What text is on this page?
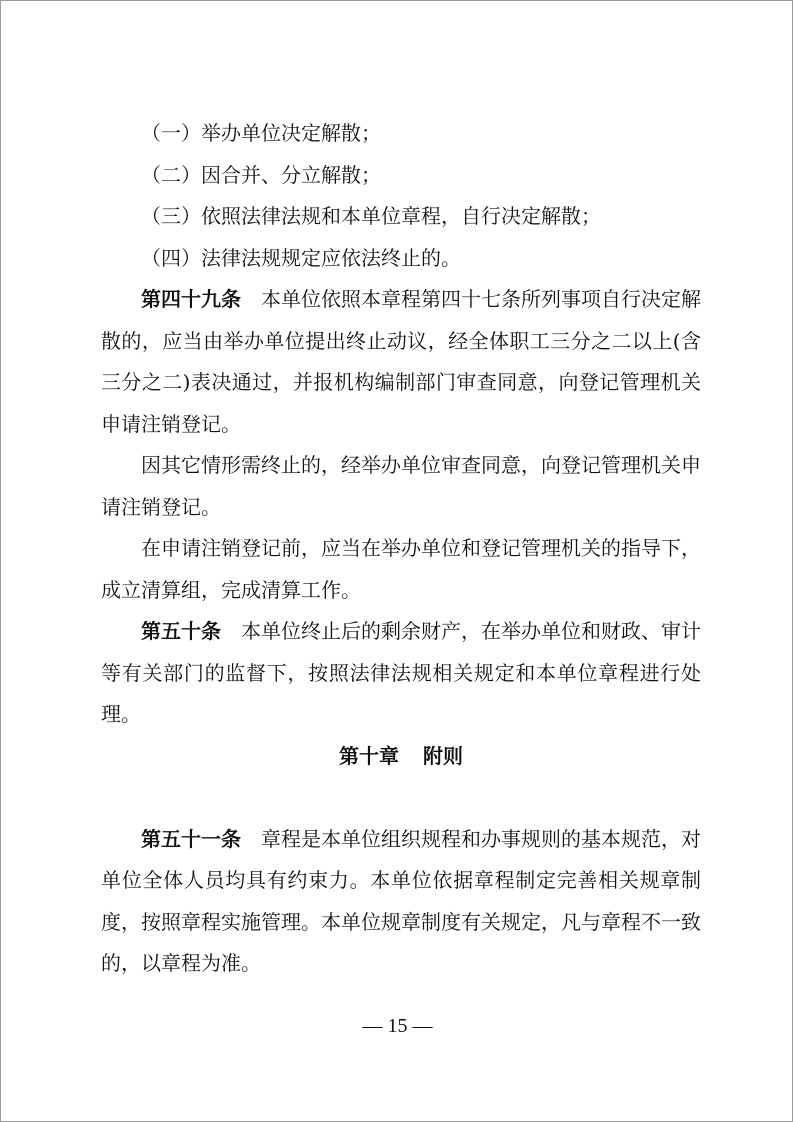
（一）举办单位决定解散；

（二）因合并、分立解散；

（三）依照法律法规和本单位章程，自行决定解散；

（四）法律法规规定应依法终止的。

第四十九条　 本单位依照本章程第四十七条所列事项自行决定解散的，应当由举办单位提出终止动议，经全体职工三分之二以上(含三分之二)表决通过，并报机构编制部门审查同意，向登记管理机关申请注销登记。

因其它情形需终止的，经举办单位审查同意，向登记管理机关申请注销登记。

在申请注销登记前，应当在举办单位和登记管理机关的指导下，成立清算组，完成清算工作。

第五十条　 本单位终止后的剩余财产，在举办单位和财政、审计等有关部门的监督下，按照法律法规相关规定和本单位章程进行处理。

第十章 附则

第五十一条　 章程是本单位组织规程和办事规则的基本规范，对单位全体人员均具有约束力。本单位依据章程制定完善相关规章制度，按照章程实施管理。本单位规章制度有关规定，凡与章程不一致的，以章程为准。

— 15 —
